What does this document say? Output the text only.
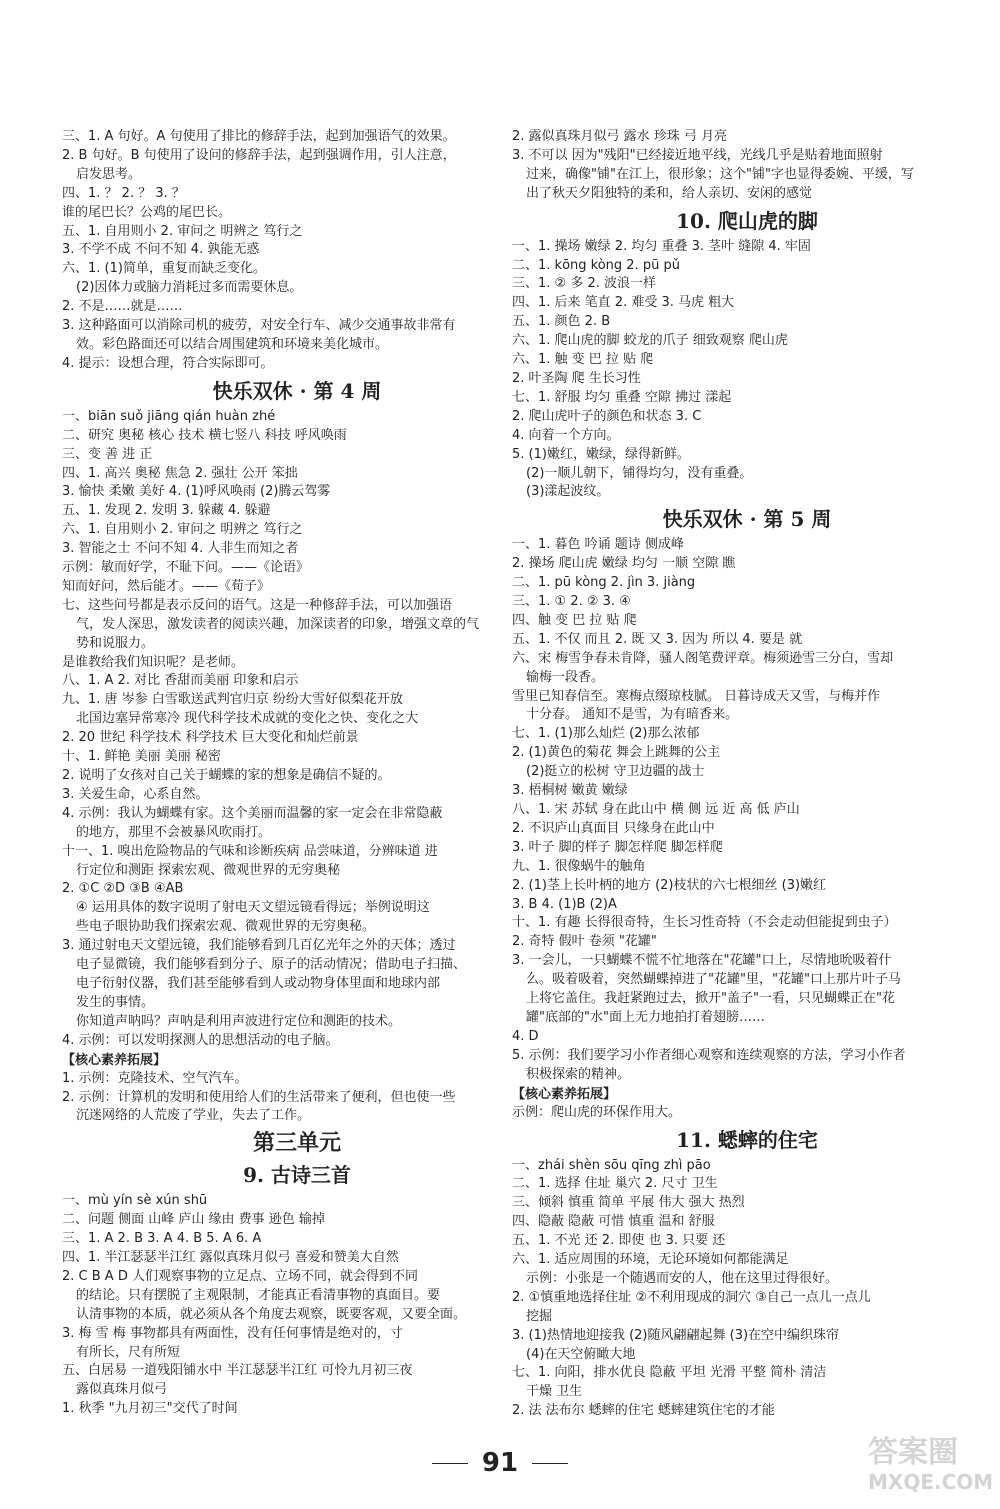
三、1. A 句好。A 句使用了排比的修辞手法，起到加强语气的效果。
2. B 句好。B 句使用了设问的修辞手法，起到强调作用，引人注意，
启发思考。
四、1. ？ 2. ？ 3. ？
谁的尾巴长？公鸡的尾巴长。
五、1. 自用则小 2. 审问之 明辨之 笃行之
3. 不学不成 不问不知 4. 孰能无惑
六、1. (1)简单，重复而缺乏变化。
(2)因体力或脑力消耗过多而需要休息。
2. 不是……就是……
3. 这种路面可以消除司机的疲劳，对安全行车、减少交通事故非常有
效。彩色路面还可以结合周围建筑和环境来美化城市。
4. 提示：设想合理，符合实际即可。
快乐双休 · 第 4 周
一、biān suǒ jiāng qián huàn zhé
二、研究 奥秘 核心 技术 横七竖八 科技 呼风唤雨
三、变 善 进 正
四、1. 高兴 奥秘 焦急 2. 强壮 公开 笨拙
3. 愉快 柔嫩 美好 4. (1)呼风唤雨 (2)腾云驾雾
五、1. 发现 2. 发明 3. 躲藏 4. 躲避
六、1. 自用则小 2. 审问之 明辨之 笃行之
3. 智能之士 不问不知 4. 人非生而知之者
示例：敏而好学，不耻下问。——《论语》
知而好问，然后能才。——《荀子》
七、这些问号都是表示反问的语气。这是一种修辞手法，可以加强语
气，发人深思，激发读者的阅读兴趣，加深读者的印象，增强文章的气
势和说服力。
是谁教给我们知识呢？是老师。
八、1. A 2. 对比 香甜而美丽 印象和启示
九、1. 唐 岑参 白雪歌送武判官归京 纷纷大雪好似梨花开放
北国边塞异常寒冷 现代科学技术成就的变化之快、变化之大
2. 20 世纪 科学技术 科学技术 巨大变化和灿烂前景
十、1. 鲜艳 美丽 美丽 秘密
2. 说明了女孩对自己关于蝴蝶的家的想象是确信不疑的。
3. 关爱生命，心系自然。
4. 示例：我认为蝴蝶有家。这个美丽而温馨的家一定会在非常隐蔽
的地方，那里不会被暴风吹雨打。
十一、1. 嗅出危险物品的气味和诊断疾病 品尝味道，分辨味道 进
行定位和测距 探索宏观、微观世界的无穷奥秘
2. ①C ②D ③B ④AB
④ 运用具体的数字说明了射电天文望远镜看得远；举例说明这
些电子眼协助我们探索宏观、微观世界的无穷奥秘。
3. 通过射电天文望远镜，我们能够看到几百亿光年之外的天体；透过
电子显微镜，我们能够看到分子、原子的活动情况；借助电子扫描、
电子衍射仪器，我们甚至能够看到人或动物身体里面和地球内部
发生的事情。
你知道声呐吗？声呐是利用声波进行定位和测距的技术。
4. 示例：可以发明探测人的思想活动的电子脑。
【核心素养拓展】
1. 示例：克隆技术、空气汽车。
2. 示例：计算机的发明和使用给人们的生活带来了便利，但也使一些
沉迷网络的人荒废了学业，失去了工作。
第三单元
9. 古诗三首
一、mù yín sè xún shū
二、问题 侧面 山峰 庐山 缘由 费事 逊色 输掉
三、1. A 2. B 3. A 4. B 5. A 6. A
四、1. 半江瑟瑟半江红 露似真珠月似弓 喜爱和赞美大自然
2. C B A D 人们观察事物的立足点、立场不同，就会得到不同
的结论。只有摆脱了主观限制，才能真正看清事物的真面目。要
认清事物的本质，就必须从各个角度去观察，既要客观，又要全面。
3. 梅 雪 梅 事物都具有两面性，没有任何事情是绝对的，寸
有所长，尺有所短
五、白居易 一道残阳铺水中 半江瑟瑟半江红 可怜九月初三夜
露似真珠月似弓
1. 秋季 "九月初三"交代了时间
2. 露似真珠月似弓 露水 珍珠 弓 月亮
3. 不可以 因为"残阳"已经接近地平线，光线几乎是贴着地面照射
过来，确像"铺"在江上，很形象；这个"铺"字也显得委婉、平缓，写
出了秋天夕阳独特的柔和，给人亲切、安闲的感觉
10. 爬山虎的脚
一、1. 操场 嫩绿 2. 均匀 重叠 3. 茎叶 缝隙 4. 牢固
二、1. kōng kòng 2. pū pǔ
三、1. ② 多 2. 波浪一样
四、1. 后来 笔直 2. 难受 3. 马虎 粗大
五、1. 颜色 2. B
六、1. 爬山虎的脚 蛟龙的爪子 细致观察 爬山虎
六、1. 触 变 巴 拉 贴 爬
2. 叶圣陶 爬 生长习性
七、1. 舒服 均匀 重叠 空隙 拂过 漾起
2. 爬山虎叶子的颜色和状态 3. C
4. 向着一个方向。
5. (1)嫩红，嫩绿，绿得新鲜。
(2)一顺儿朝下，铺得均匀，没有重叠。
(3)漾起波纹。
快乐双休 · 第 5 周
一、1. 暮色 吟诵 题诗 侧成峰
2. 操场 爬山虎 嫩绿 均匀 一顺 空隙 瞧
二、1. pū kòng 2. jìn 3. jiàng
三、1. ① 2. ② 3. ④
四、触 变 巴 拉 贴 爬
五、1. 不仅 而且 2. 既 又 3. 因为 所以 4. 要是 就
六、宋 梅雪争春未肯降，骚人阁笔费评章。梅须逊雪三分白，雪却
输梅一段香。
雪里已知春信至。寒梅点缀琼枝腻。 日暮诗成天又雪，与梅并作
十分春。 通知不是雪，为有暗香来。
七、1. (1)那么灿烂 (2)那么浓郁
2. (1)黄色的菊花 舞会上跳舞的公主
(2)挺立的松树 守卫边疆的战士
3. 梧桐树 嫩黄 嫩绿
八、1. 宋 苏轼 身在此山中 横 侧 远 近 高 低 庐山
2. 不识庐山真面目 只缘身在此山中
3. 叶子 脚的样子 脚怎样爬 脚怎样爬
九、1. 很像蜗牛的触角
2. (1)茎上长叶柄的地方 (2)枝状的六七根细丝 (3)嫩红
3. B 4. (1)B (2)A
十、1. 有趣 长得很奇特，生长习性奇特（不会走动但能捉到虫子）
2. 奇特 假叶 卷须 "花罐"
3. 一会儿，一只蝴蝶不慌不忙地落在"花罐"口上，尽情地吮吸着什
么。吸着吸着，突然蝴蝶掉进了"花罐"里，"花罐"口上那片叶子马
上将它盖住。我赶紧跑过去，掀开"盖子"一看，只见蝴蝶正在"花
罐"底部的"水"面上无力地拍打着翅膀……
4. D
5. 示例：我们要学习小作者细心观察和连续观察的方法，学习小作者
积极探索的精神。
【核心素养拓展】
示例：爬山虎的环保作用大。
11. 蟋蟀的住宅
一、zhái shèn sōu qīng zhì pāo
二、1. 选择 住址 巢穴 2. 尺寸 卫生
三、倾斜 慎重 简单 平展 伟大 强大 热烈
四、隐蔽 隐蔽 可惜 慎重 温和 舒服
五、1. 不光 还 2. 即使 也 3. 只要 还
六、1. 适应周围的环境，无论环境如何都能满足
示例：小张是一个随遇而安的人，他在这里过得很好。
2. ①慎重地选择住址 ②不利用现成的洞穴 ③自己一点儿一点儿
挖掘
3. (1)热情地迎接我 (2)随风翩翩起舞 (3)在空中编织珠帘
(4)在天空俯瞰大地
七、1. 向阳，排水优良 隐蔽 平坦 光滑 平整 简朴 清洁
干燥 卫生
2. 法 法布尔 蟋蟀的住宅 蟋蟀建筑住宅的才能
91	答案圈
MXQE.COM
